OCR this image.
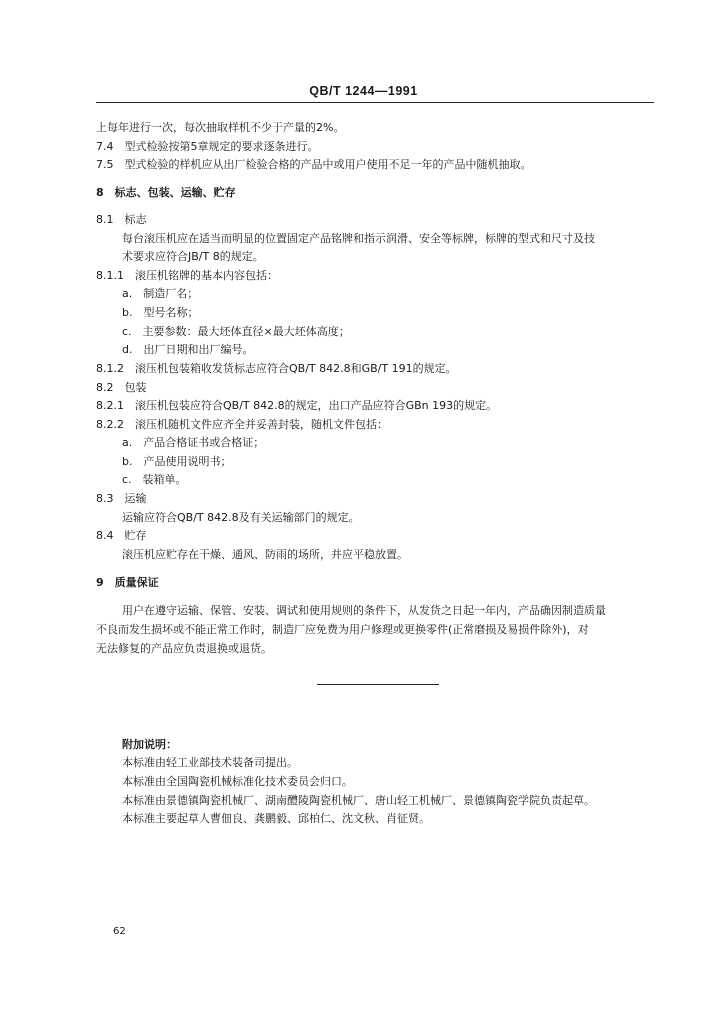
QB/T 1244—1991
上每年进行一次，每次抽取样机不少于产量的2%。
7.4　型式检验按第5章规定的要求逐条进行。
7.5　型式检验的样机应从出厂检验合格的产品中或用户使用不足一年的产品中随机抽取。
8　标志、包装、运输、贮存
8.1　标志
每台滚压机应在适当而明显的位置固定产品铭牌和指示润滑、安全等标牌，标牌的型式和尺寸及技
术要求应符合JB/T 8的规定。
8.1.1　滚压机铭牌的基本内容包括：
a.　制造厂名；
b.　型号名称；
c.　主要参数：最大坯体直径×最大坯体高度；
d.　出厂日期和出厂编号。
8.1.2　滚压机包装箱收发货标志应符合QB/T 842.8和GB/T 191的规定。
8.2　包装
8.2.1　滚压机包装应符合QB/T 842.8的规定，出口产品应符合GBn 193的规定。
8.2.2　滚压机随机文件应齐全并妥善封装，随机文件包括：
a.　产品合格证书或合格证；
b.　产品使用说明书；
c.　装箱单。
8.3　运输
运输应符合QB/T 842.8及有关运输部门的规定。
8.4　贮存
滚压机应贮存在干燥、通风、防雨的场所，并应平稳放置。
9　质量保证
用户在遵守运输、保管、安装、调试和使用规则的条件下，从发货之日起一年内，产品确因制造质量
不良而发生损坏或不能正常工作时，制造厂应免费为用户修理或更换零件(正常磨损及易损件除外)，对
无法修复的产品应负责退换或退货。
附加说明：
本标准由轻工业部技术装备司提出。
本标准由全国陶瓷机械标准化技术委员会归口。
本标准由景德镇陶瓷机械厂、湖南醴陵陶瓷机械厂、唐山轻工机械厂、景德镇陶瓷学院负责起草。
本标准主要起草人曹佃良、龚鹏毅、邱柏仁、沈文秋、肖征贤。
62
